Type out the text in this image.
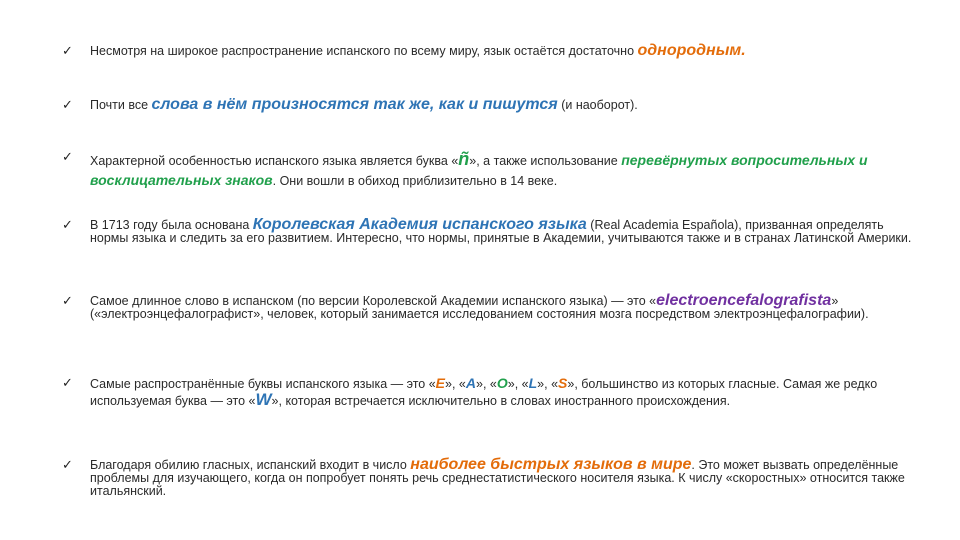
✓	Несмотря на широкое распространение испанского по всему миру, язык остаётся достаточно однородным.
✓	Почти все слова в нём произносятся так же, как и пишутся (и наоборот).
✓	Характерной особенностью испанского языка является буква «ñ», а также использование перевёрнутых вопросительных и восклицательных знаков. Они вошли в обиход приблизительно в 14 веке.
✓	В 1713 году была основана Королевская Академия испанского языка (Real Academia Española), призванная определять нормы языка и следить за его развитием. Интересно, что нормы, принятые в Академии, учитываются также и в странах Латинской Америки.
✓	Самое длинное слово в испанском (по версии Королевской Академии испанского языка) — это «electroencefalografista» («электроэнцефалографист», человек, который занимается исследованием состояния мозга посредством электроэнцефалографии).
✓	Самые распространённые буквы испанского языка — это «Е», «А», «О», «L», «S», большинство из которых гласные. Самая же редко используемая буква — это «W», которая встречается исключительно в словах иностранного происхождения.
✓	Благодаря обилию гласных, испанский входит в число наиболее быстрых языков в мире. Это может вызвать определённые проблемы для изучающего, когда он попробует понять речь среднестатистического носителя языка. К числу «скоростных» относится также итальянский.
